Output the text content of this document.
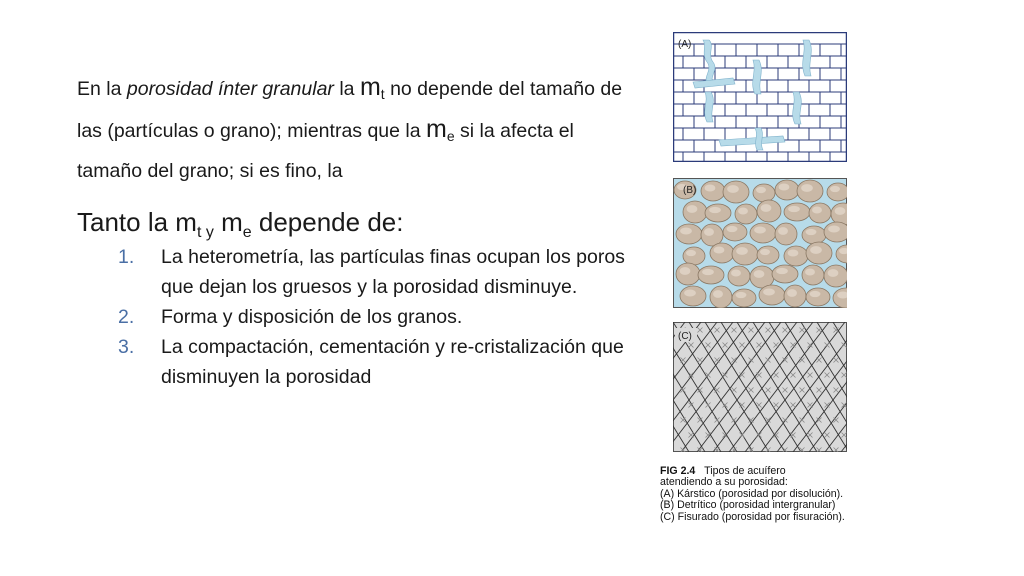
En la porosidad ínter granular la $m_t$ no depende del tamaño de las (partículas o grano); mientras que la $m_e$ si la afecta el tamaño del grano; si es fino, la
Tanto la $m_{t y}$ $m_e$ depende de:
1. La heterometría, las partículas finas ocupan los poros que dejan los gruesos y la porosidad disminuye.
2. Forma y disposición de los granos.
3. La compactación, cementación y re-cristalización que disminuyen la porosidad
(A)
(B)
(C)
FIG 2.4 Tipos de acuífero
atendiendo a su porosidad:
(A) Kárstico (porosidad por disolución).
(B) Detrítico (porosidad intergranular)
(C) Fisurado (porosidad por fisuración).
